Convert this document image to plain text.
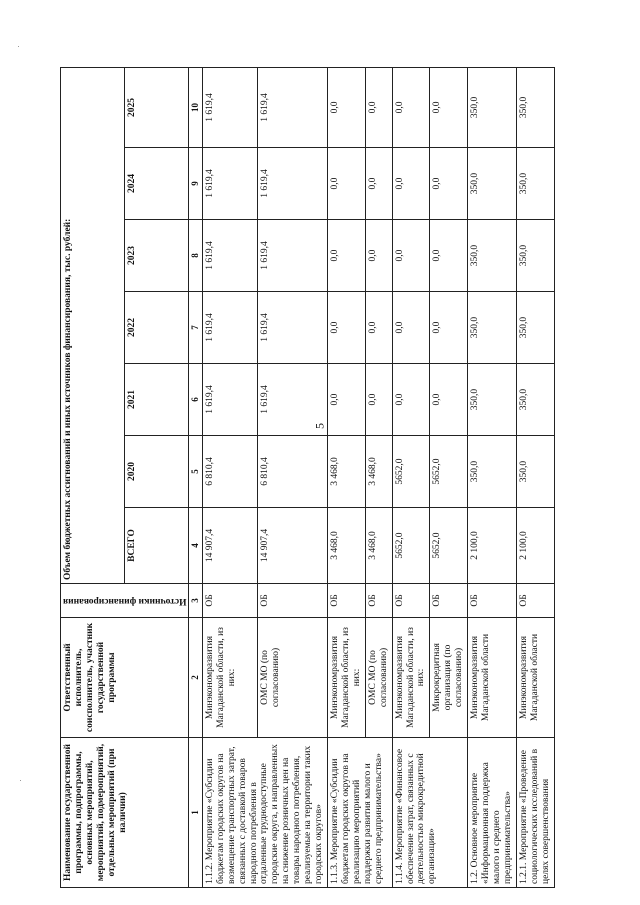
5
Наименование государственной программы, подпрограммы, основных мероприятий, мероприятий, подмероприятий, отдельных мероприятий (при наличии)	Ответственный исполнитель, соисполнитель, участник государственной программы	Источники финансирования	Объем бюджетных ассигнований и иных источников финансирования, тыс. рублей:						
			ВСЕГО	2020	2021	2022	2023	2024	2025
1	2	3	4	5	6	7	8	9	10
1.1.2. Мероприятие «Субсидии бюджетам городских округов на возмещение транспортных затрат, связанных с доставкой товаров народного потребления в отдаленные труднодоступные городские округа, и направленных на снижение розничных цен на товары народного потребления, реализуемые на территории таких городских округов»	Минэкономразвития Магаданской области, из них:	ОБ	14 907,4	6 810,4	1 619,4	1 619,4	1 619,4	1 619,4	1 619,4
	ОМС МО (по согласованию)	ОБ	14 907,4	6 810,4	1 619,4	1 619,4	1 619,4	1 619,4	1 619,4
1.1.3. Мероприятие «Субсидии бюджетам городских округов на реализацию мероприятий поддержки развития малого и среднего предпринимательства»	Минэкономразвития Магаданской области, из них:	ОБ	3 468,0	3 468,0	0,0	0,0	0,0	0,0	0,0
	ОМС МО (по согласованию)	ОБ	3 468,0	3 468,0	0,0	0,0	0,0	0,0	0,0
1.1.4. Мероприятие «Финансовое обеспечение затрат, связанных с деятельностью микрокредитной организации»	Минэкономразвития Магаданской области, из них:	ОБ	5652,0	5652,0	0,0	0,0	0,0	0,0	0,0
	Микрокредитная организация (по согласованию)	ОБ	5652,0	5652,0	0,0	0,0	0,0	0,0	0,0
1.2. Основное мероприятие «Информационная поддержка малого и среднего предпринимательства»	Минэкономразвития Магаданской области	ОБ	2 100,0	350,0	350,0	350,0	350,0	350,0	350,0
1.2.1. Мероприятие «Проведение социологических исследований в целях совершенствования	Минэкономразвития Магаданской области	ОБ	2 100,0	350,0	350,0	350,0	350,0	350,0	350,0
